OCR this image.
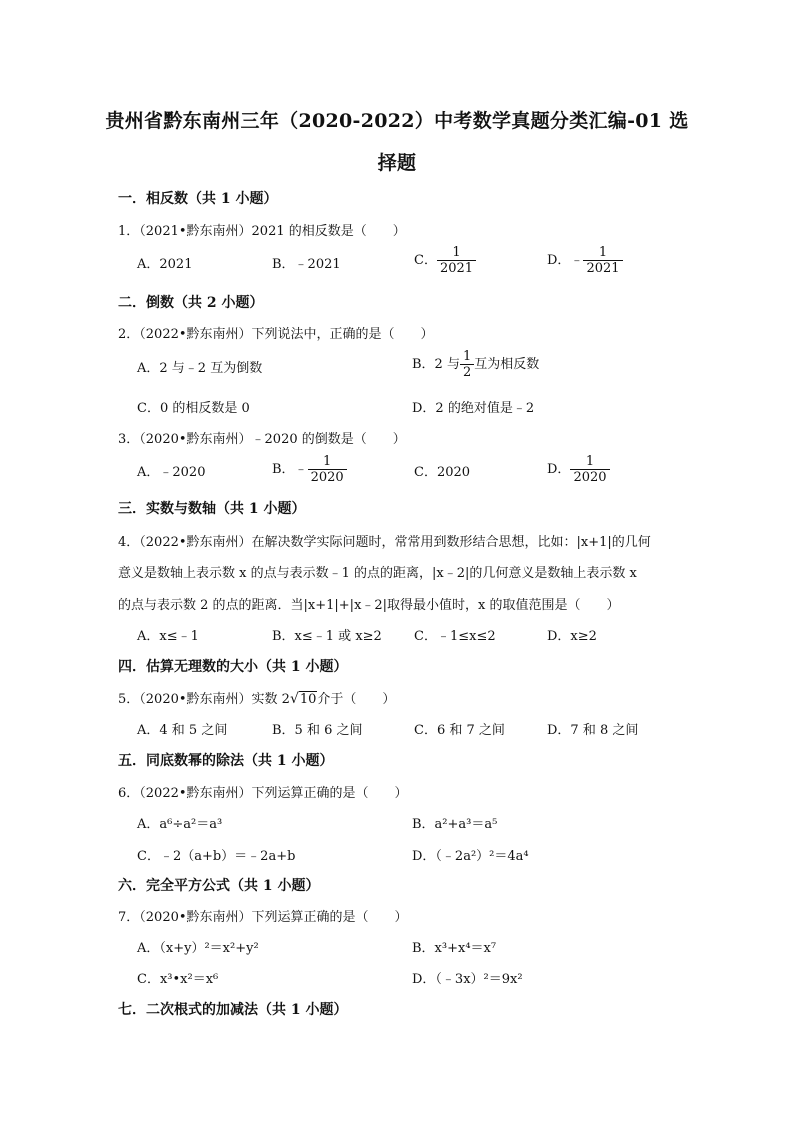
贵州省黔东南州三年（2020-2022）中考数学真题分类汇编-01 选
择题
一．相反数（共 1 小题）
1．（2021•黔东南州）2021 的相反数是（　　）
A．2021	B．﹣2021	C． $\frac{1}{2021}$	D．﹣ $\frac{1}{2021}$
二．倒数（共 2 小题）
2．（2022•黔东南州）下列说法中，正确的是（　　）
A．2 与﹣2 互为倒数	B．2 与 $\frac{1}{2}$ 互为相反数
C．0 的相反数是 0	D．2 的绝对值是﹣2
3．（2020•黔东南州）﹣2020 的倒数是（　　）
A．﹣2020	B．﹣ $\frac{1}{2020}$	C．2020	D． $\frac{1}{2020}$
三．实数与数轴（共 1 小题）
4．（2022•黔东南州）在解决数学实际问题时，常常用到数形结合思想，比如：|x+1|的几何
意义是数轴上表示数 x 的点与表示数﹣1 的点的距离，|x﹣2|的几何意义是数轴上表示数 x
的点与表示数 2 的点的距离．当|x+1|+|x﹣2|取得最小值时，x 的取值范围是（　　）
A．x≤﹣1	B．x≤﹣1 或 x≥2 C．﹣1≤x≤2	D．x≥2
四．估算无理数的大小（共 1 小题）
5．（2020•黔东南州）实数 2√10介于（　　）
A．4 和 5 之间	B．5 和 6 之间	C．6 和 7 之间	D．7 和 8 之间
五．同底数幂的除法（共 1 小题）
6．（2022•黔东南州）下列运算正确的是（　　）
A．a⁶÷a²＝a³	B．a²+a³＝a⁵
C．﹣2（a+b）＝﹣2a+b	D．（﹣2a²）²＝4a⁴
六．完全平方公式（共 1 小题）
7．（2020•黔东南州）下列运算正确的是（　　）
A．（x+y）²＝x²+y²	B．x³+x⁴＝x⁷
C．x³•x²＝x⁶	D．（﹣3x）²＝9x²
七．二次根式的加减法（共 1 小题）
